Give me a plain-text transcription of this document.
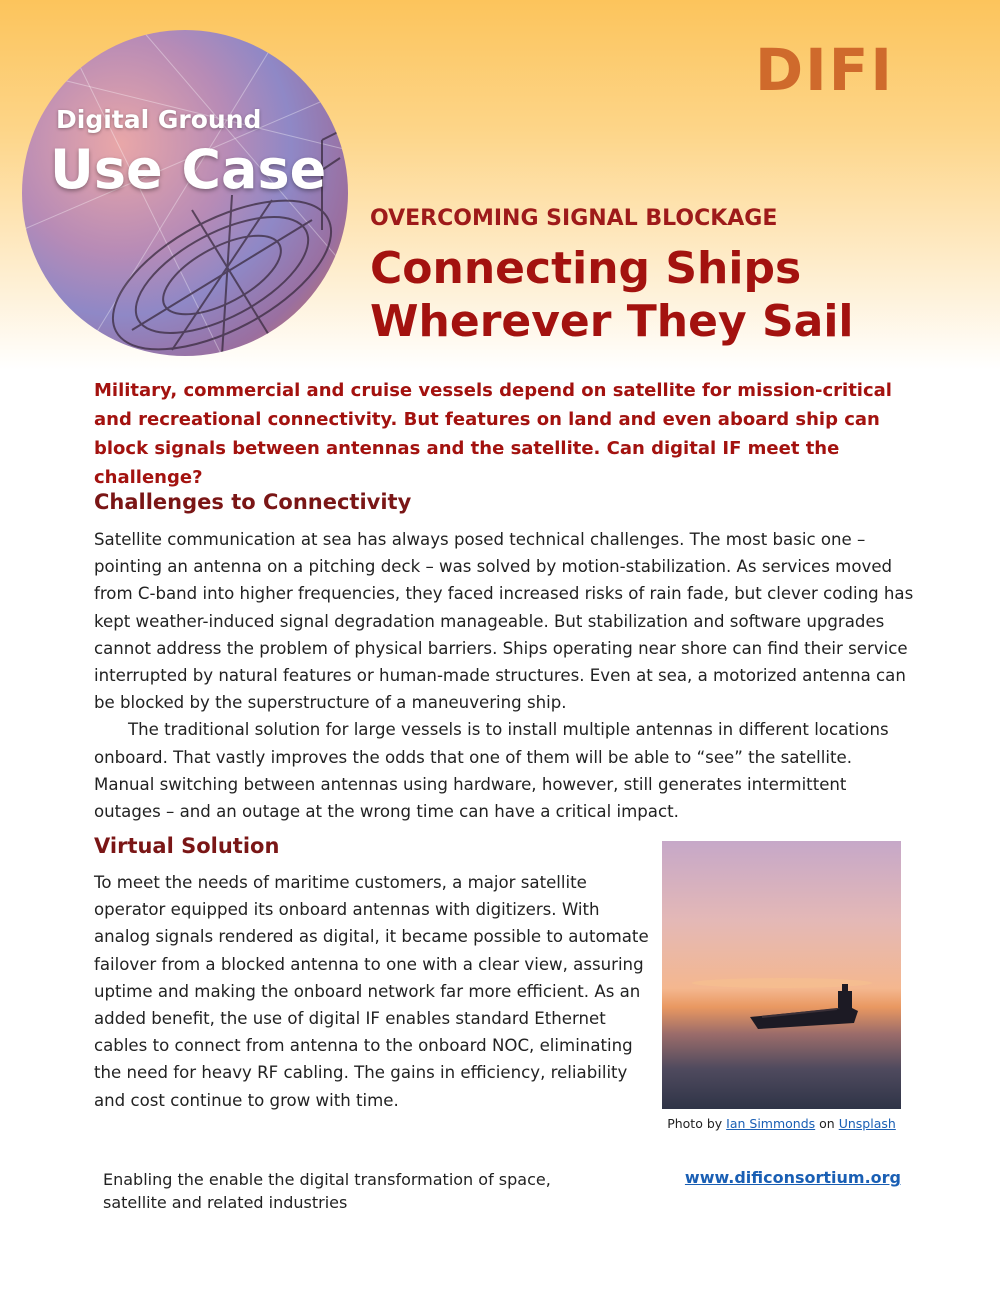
Digital Ground
Use Case
DIFI
OVERCOMING SIGNAL BLOCKAGE
Connecting Ships
Wherever They Sail
Military, commercial and cruise vessels depend on satellite for mission-critical and recreational connectivity. But features on land and even aboard ship can block signals between antennas and the satellite. Can digital IF meet the challenge?
Challenges to Connectivity

Satellite communication at sea has always posed technical challenges. The most basic one – pointing an antenna on a pitching deck – was solved by motion-stabilization. As services moved from C-band into higher frequencies, they faced increased risks of rain fade, but clever coding has kept weather-induced signal degradation manageable. But stabilization and software upgrades cannot address the problem of physical barriers. Ships operating near shore can find their service interrupted by natural features or human-made structures. Even at sea, a motorized antenna can be blocked by the superstructure of a maneuvering ship.

The traditional solution for large vessels is to install multiple antennas in different locations onboard. That vastly improves the odds that one of them will be able to “see” the satellite. Manual switching between antennas using hardware, however, still generates intermittent outages – and an outage at the wrong time can have a critical impact.

Virtual Solution

To meet the needs of maritime customers, a major satellite operator equipped its onboard antennas with digitizers. With analog signals rendered as digital, it became possible to automate failover from a blocked antenna to one with a clear view, assuring uptime and making the onboard network far more efficient. As an added benefit, the use of digital IF enables standard Ethernet cables to connect from antenna to the onboard NOC, eliminating the need for heavy RF cabling. The gains in efficiency, reliability and cost continue to grow with time.

Photo by Ian Simmonds on Unsplash
Enabling the enable the digital transformation of space, satellite and related industries
www.dificonsortium.org
